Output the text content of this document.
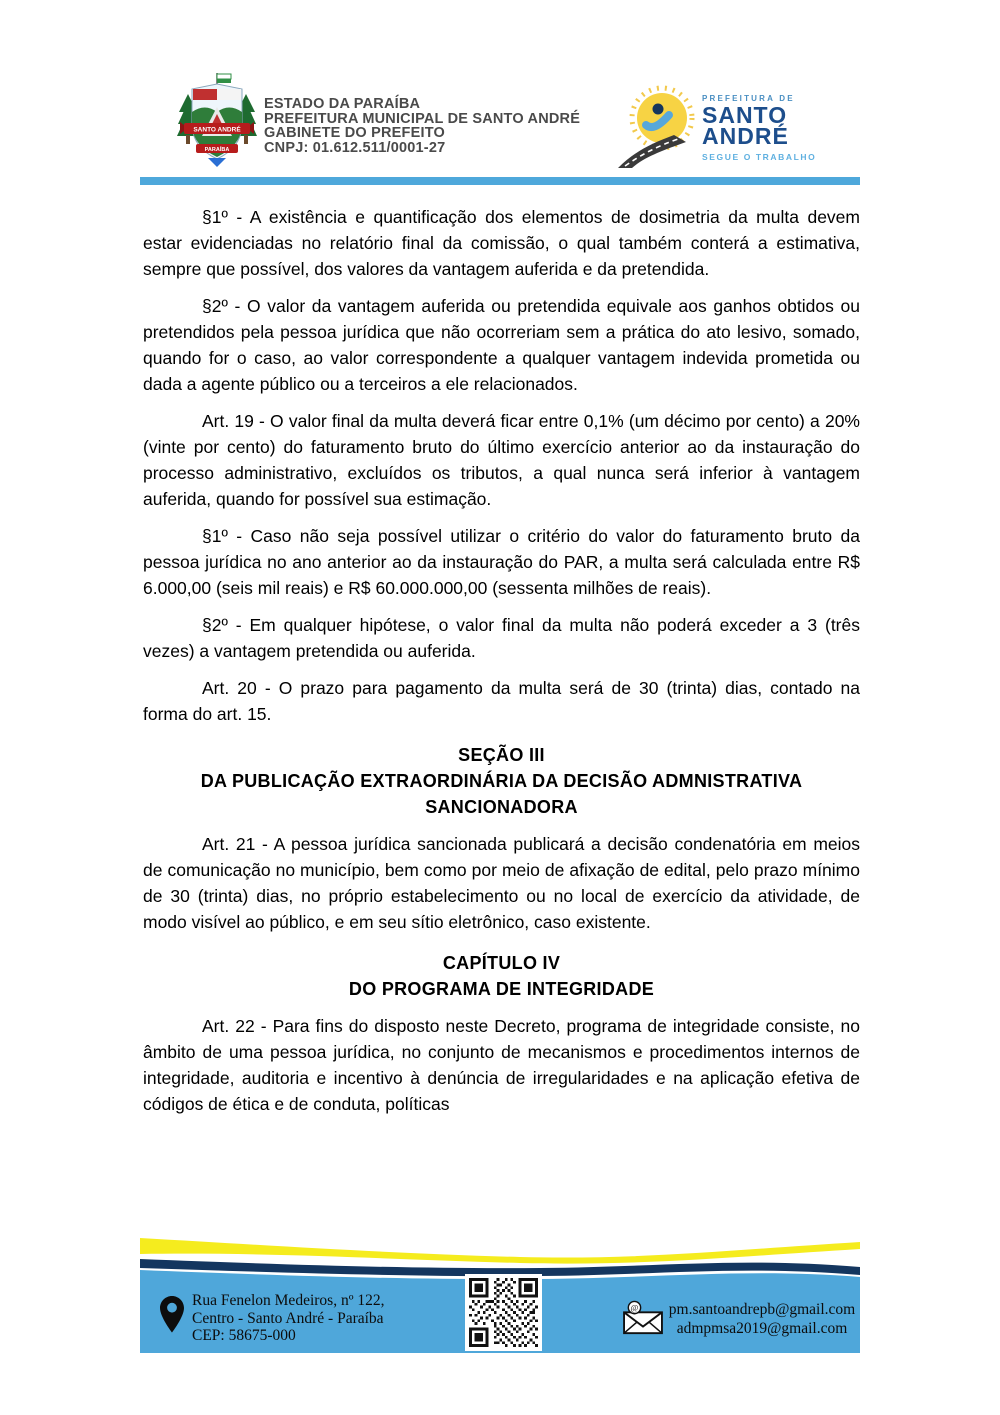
SANTO ANDRÉ
PARAÍBA
ESTADO DA PARAÍBA
PREFEITURA MUNICIPAL DE SANTO ANDRÉ
GABINETE DO PREFEITO
CNPJ: 01.612.511/0001-27
PREFEITURA DE
SANTO
ANDRÉ
SEGUE O TRABALHO

§1º - A existência e quantificação dos elementos de dosimetria da multa devem estar evidenciadas no relatório final da comissão, o qual também conterá a estimativa, sempre que possível, dos valores da vantagem auferida e da pretendida.

§2º - O valor da vantagem auferida ou pretendida equivale aos ganhos obtidos ou pretendidos pela pessoa jurídica que não ocorreriam sem a prática do ato lesivo, somado, quando for o caso, ao valor correspondente a qualquer vantagem indevida prometida ou dada a agente público ou a terceiros a ele relacionados.

Art. 19 - O valor final da multa deverá ficar entre 0,1% (um décimo por cento) a 20% (vinte por cento) do faturamento bruto do último exercício anterior ao da instauração do processo administrativo, excluídos os tributos, a qual nunca será inferior à vantagem auferida, quando for possível sua estimação.

§1º - Caso não seja possível utilizar o critério do valor do faturamento bruto da pessoa jurídica no ano anterior ao da instauração do PAR, a multa será calculada entre R$ 6.000,00 (seis mil reais) e R$ 60.000.000,00 (sessenta milhões de reais).

§2º - Em qualquer hipótese, o valor final da multa não poderá exceder a 3 (três vezes) a vantagem pretendida ou auferida.

Art. 20 - O prazo para pagamento da multa será de 30 (trinta) dias, contado na forma do art. 15.

SEÇÃO III
DA PUBLICAÇÃO EXTRAORDINÁRIA DA DECISÃO ADMNISTRATIVA
SANCIONADORA

Art. 21 - A pessoa jurídica sancionada publicará a decisão condenatória em meios de comunicação no município, bem como por meio de afixação de edital, pelo prazo mínimo de 30 (trinta) dias, no próprio estabelecimento ou no local de exercício da atividade, de modo visível ao público, e em seu sítio eletrônico, caso existente.

CAPÍTULO IV
DO PROGRAMA DE INTEGRIDADE

Art. 22 - Para fins do disposto neste Decreto, programa de integridade consiste, no âmbito de uma pessoa jurídica, no conjunto de mecanismos e procedimentos internos de integridade, auditoria e incentivo à denúncia de irregularidades e na aplicação efetiva de códigos de ética e de conduta, políticas

Rua Fenelon Medeiros, nº 122,
Centro - Santo André - Paraíba
CEP: 58675-000
@	pm.santoandrepb@gmail.com
admpmsa2019@gmail.com
